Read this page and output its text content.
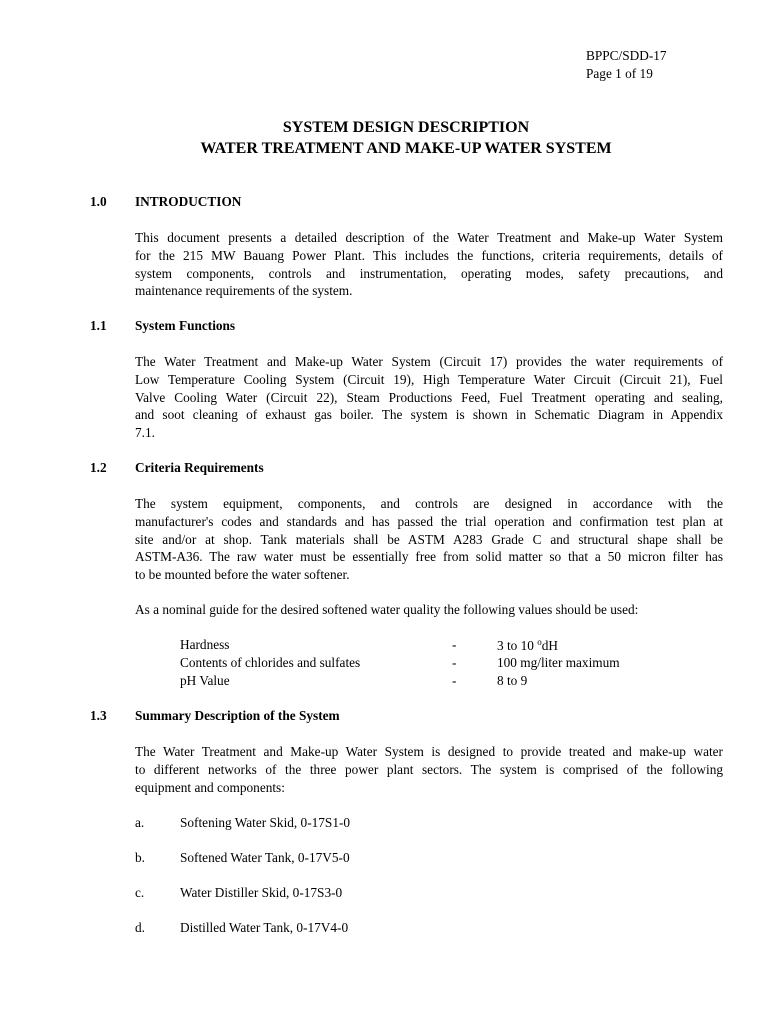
BPPC/SDD-17
Page 1 of 19
SYSTEM DESIGN DESCRIPTION
WATER TREATMENT AND MAKE-UP WATER SYSTEM
1.0 INTRODUCTION
This document presents a detailed description of the Water Treatment and Make-up Water System
for the 215 MW Bauang Power Plant. This includes the functions, criteria requirements, details of
system components, controls and instrumentation, operating modes, safety precautions, and
maintenance requirements of the system.
1.1 System Functions
The Water Treatment and Make-up Water System (Circuit 17) provides the water requirements of
Low Temperature Cooling System (Circuit 19), High Temperature Water Circuit (Circuit 21), Fuel
Valve Cooling Water (Circuit 22), Steam Productions Feed, Fuel Treatment operating and sealing,
and soot cleaning of exhaust gas boiler. The system is shown in Schematic Diagram in Appendix
7.1.
1.2 Criteria Requirements
The system equipment, components, and controls are designed in accordance with the
manufacturer's codes and standards and has passed the trial operation and confirmation test plan at
site and/or at shop. Tank materials shall be ASTM A283 Grade C and structural shape shall be
ASTM-A36. The raw water must be essentially free from solid matter so that a 50 micron filter has
to be mounted before the water softener.
As a nominal guide for the desired softened water quality the following values should be used:
Hardness	-	3 to 10 $^o$dH
Contents of chlorides and sulfates	-	100 mg/liter maximum
pH Value	-	8 to 9
1.3 Summary Description of the System
The Water Treatment and Make-up Water System is designed to provide treated and make-up water
to different networks of the three power plant sectors. The system is comprised of the following
equipment and components:
a.	Softening Water Skid, 0-17S1-0
b.	Softened Water Tank, 0-17V5-0
c.	Water Distiller Skid, 0-17S3-0
d.	Distilled Water Tank, 0-17V4-0
